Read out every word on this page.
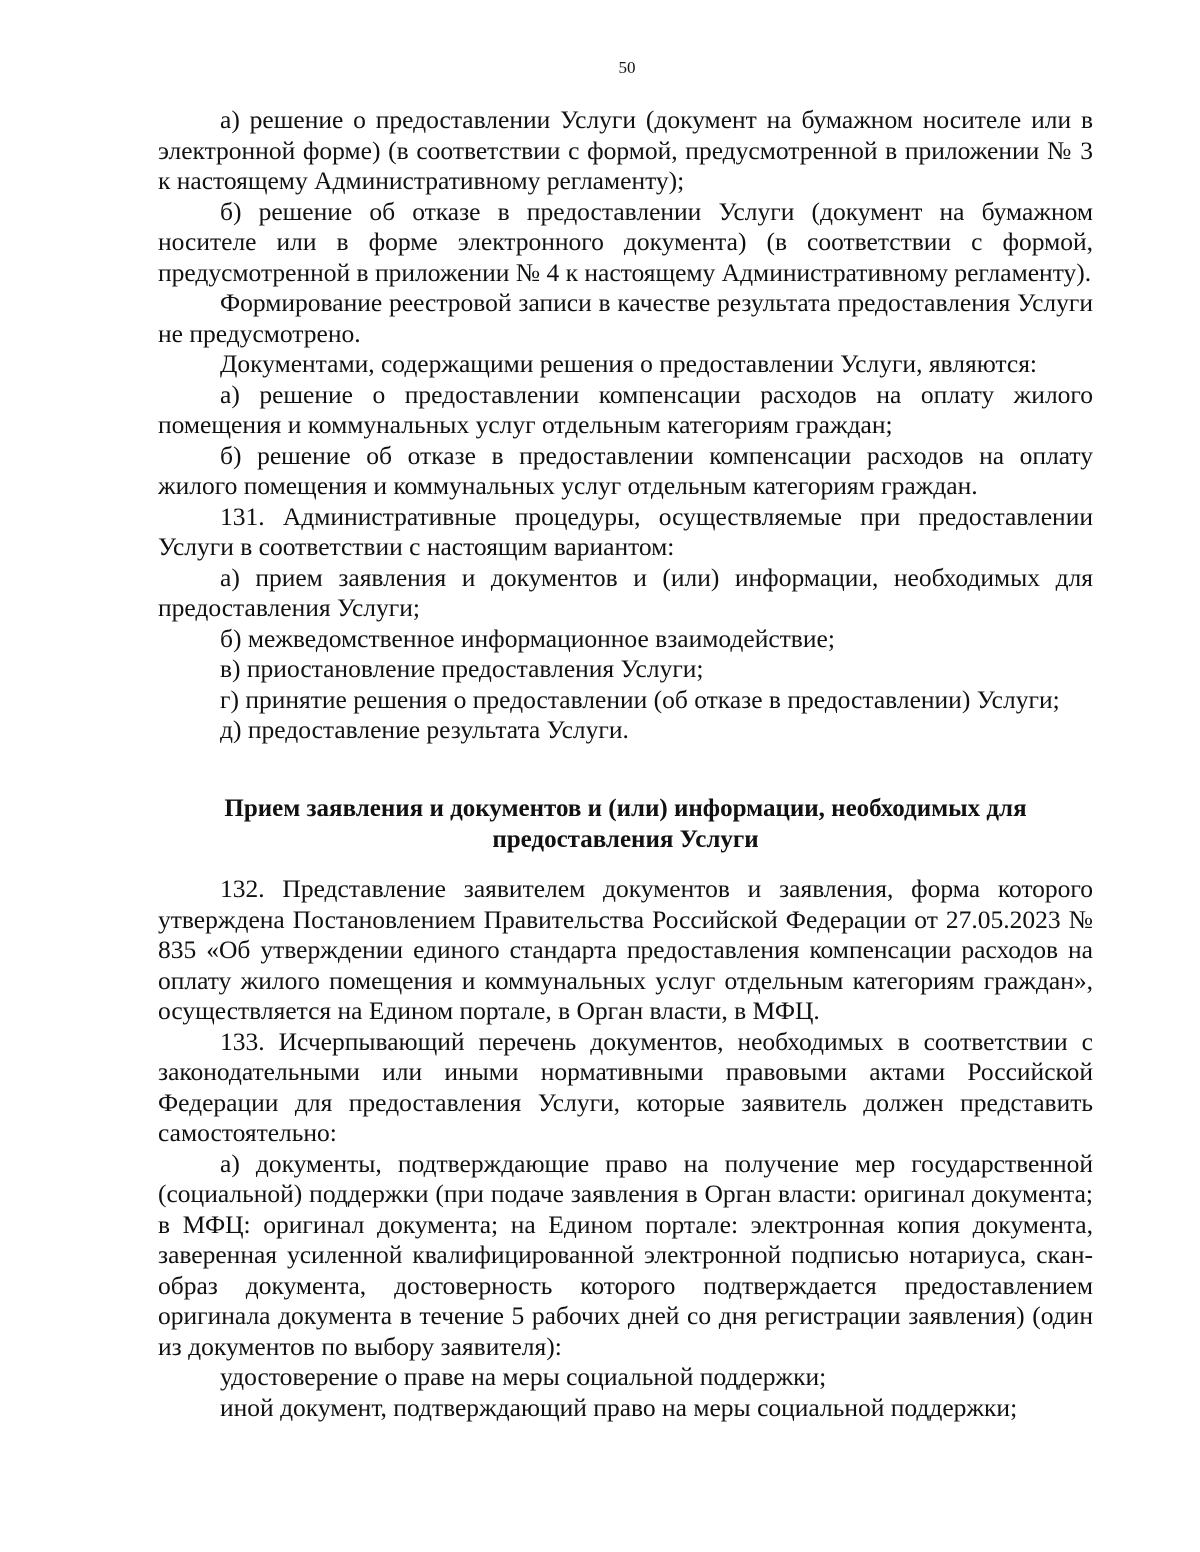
50

а) решение о предоставлении Услуги (документ на бумажном носителе или в электронной форме) (в соответствии с формой, предусмотренной в приложении № 3 к настоящему Административному регламенту);

б) решение об отказе в предоставлении Услуги (документ на бумажном носителе или в форме электронного документа) (в соответствии с формой, предусмотренной в приложении № 4 к настоящему Административному регламенту).

Формирование реестровой записи в качестве результата предоставления Услуги не предусмотрено.

Документами, содержащими решения о предоставлении Услуги, являются:

а) решение о предоставлении компенсации расходов на оплату жилого помещения и коммунальных услуг отдельным категориям граждан;

б) решение об отказе в предоставлении компенсации расходов на оплату жилого помещения и коммунальных услуг отдельным категориям граждан.

131. Административные процедуры, осуществляемые при предоставлении Услуги в соответствии с настоящим вариантом:

а) прием заявления и документов и (или) информации, необходимых для предоставления Услуги;

б) межведомственное информационное взаимодействие;

в) приостановление предоставления Услуги;

г) принятие решения о предоставлении (об отказе в предоставлении) Услуги;

д) предоставление результата Услуги.

Прием заявления и документов и (или) информации, необходимых для

предоставления Услуги

132. Представление заявителем документов и заявления, форма которого утверждена Постановлением Правительства Российской Федерации от 27.05.2023 № 835 «Об утверждении единого стандарта предоставления компенсации расходов на оплату жилого помещения и коммунальных услуг отдельным категориям граждан», осуществляется на Едином портале, в Орган власти, в МФЦ.

133. Исчерпывающий перечень документов, необходимых в соответствии с законодательными или иными нормативными правовыми актами Российской Федерации для предоставления Услуги, которые заявитель должен представить самостоятельно:

а) документы, подтверждающие право на получение мер государственной (социальной) поддержки (при подаче заявления в Орган власти: оригинал документа; в МФЦ: оригинал документа; на Едином портале: электронная копия документа, заверенная усиленной квалифицированной электронной подписью нотариуса, скан-образ документа, достоверность которого подтверждается предоставлением оригинала документа в течение 5 рабочих дней со дня регистрации заявления) (один из документов по выбору заявителя):

удостоверение о праве на меры социальной поддержки;

иной документ, подтверждающий право на меры социальной поддержки;
